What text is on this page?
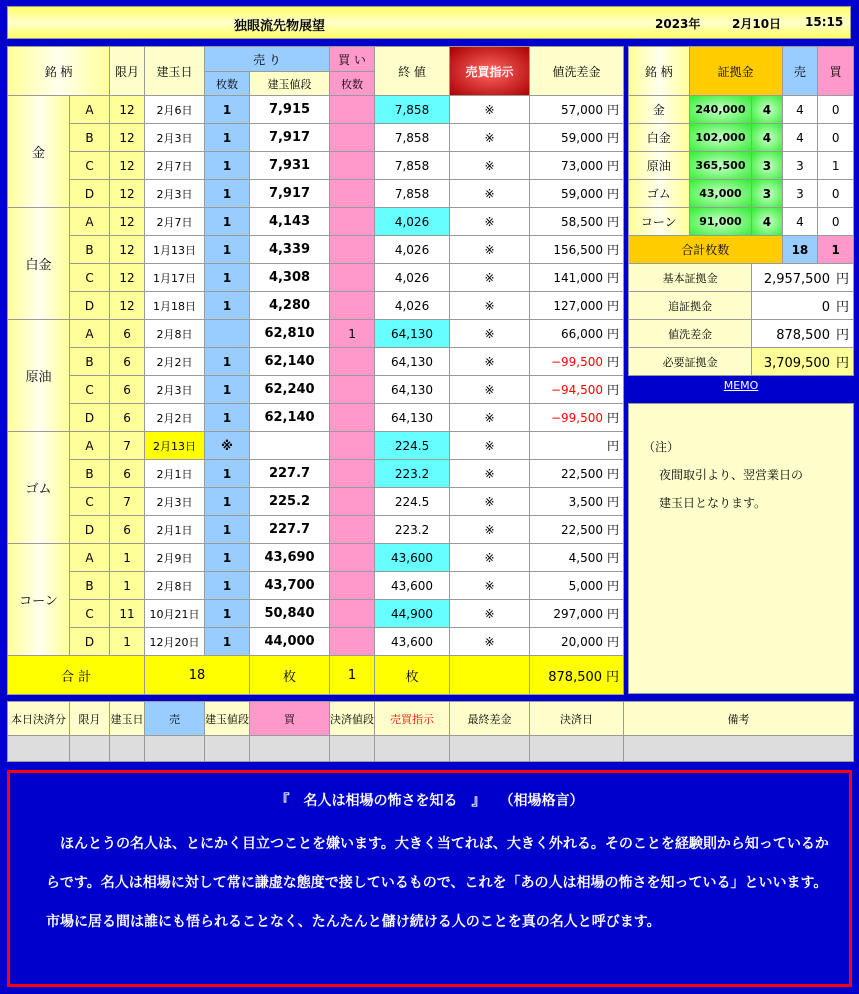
独眼流先物展望	2023年	2月10日 15:15
銘 柄		限月	建玉日	売 り		買 い	終 値	売買指示	値洗差金
				枚数	建玉値段	枚数			
金	A	12	2月6日	1	7,915		7,858	※	57,000 円
	B	12	2月3日	1	7,917		7,858	※	59,000 円
	C	12	2月7日	1	7,931		7,858	※	73,000 円
	D	12	2月3日	1	7,917		7,858	※	59,000 円
白金	A	12	2月7日	1	4,143		4,026	※	58,500 円
	B	12	1月13日	1	4,339		4,026	※	156,500 円
	C	12	1月17日	1	4,308		4,026	※	141,000 円
	D	12	1月18日	1	4,280		4,026	※	127,000 円
原油	A	6	2月8日		62,810	1	64,130	※	66,000 円
	B	6	2月2日	1	62,140		64,130	※	−99,500 円
	C	6	2月3日	1	62,240		64,130	※	−94,500 円
	D	6	2月2日	1	62,140		64,130	※	−99,500 円
ゴム	A	7	2月13日	※			224.5	※	円
	B	6	2月1日	1	227.7		223.2	※	22,500 円
	C	7	2月3日	1	225.2		224.5	※	3,500 円
	D	6	2月1日	1	227.7		223.2	※	22,500 円
コーン	A	1	2月9日	1	43,690		43,600	※	4,500 円
	B	1	2月8日	1	43,700		43,600	※	5,000 円
	C	11	10月21日	1	50,840		44,900	※	297,000 円
	D	1	12月20日	1	44,000		43,600	※	20,000 円
合 計			18		枚	1	枚		878,500 円
銘 柄	証拠金		売	買
金	240,000	4	4	0
白金	102,000	4	4	0
原油	365,500	3	3	1
ゴム	43,000	3	3	0
コーン	91,000	4	4	0
合計枚数			18	1
基本証拠金		2,957,500 円		
追証拠金		0 円		
値洗差金		878,500 円		
必要証拠金		3,709,500 円		
MEMO
（注）
夜間取引より、翌営業日の
建玉日となります。
本日決済分	限月	建玉日	売	建玉値段	買	決済値段	売買指示	最終差金	決済日	備考

『　名人は相場の怖さを知る　』　　（相場格言）
　ほんとうの名人は、とにかく目立つことを嫌います。大きく当てれば、大きく外れる。そのことを経験則から知っているからです。名人は相場に対して常に謙虚な態度で接しているもので、これを「あの人は相場の怖さを知っている」といいます。市場に居る間は誰にも悟られることなく、たんたんと儲け続ける人のことを真の名人と呼びます。
